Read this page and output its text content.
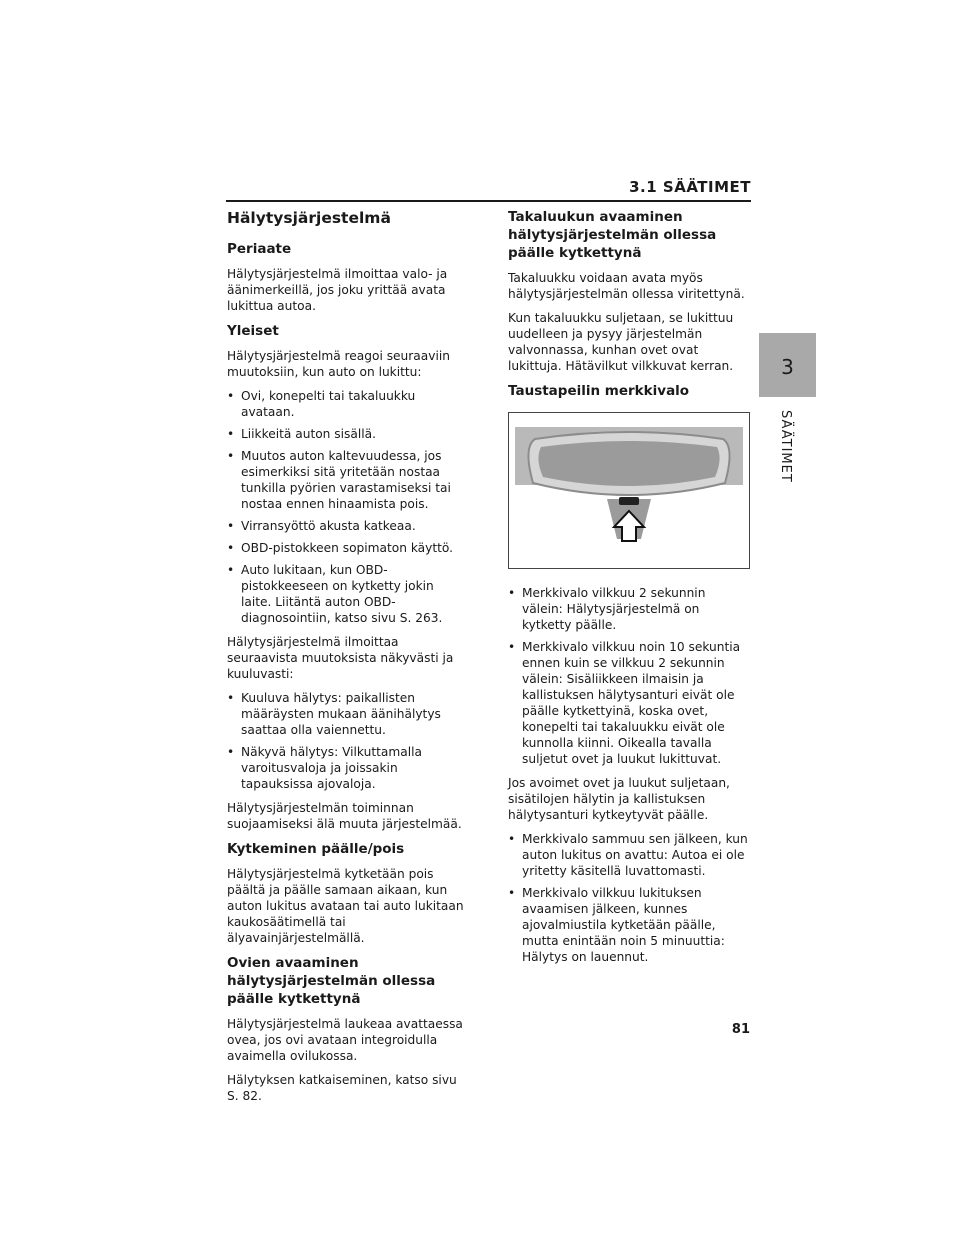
3.1 SÄÄTIMET
3
SÄÄTIMET
Hälytysjärjestelmä
Periaate

Hälytysjärjestelmä ilmoittaa valo- ja äänimerkeillä, jos joku yrittää avata lukittua autoa.

Yleiset

Hälytysjärjestelmä reagoi seuraaviin muutoksiin, kun auto on lukittu:

• Ovi, konepelti tai takaluukku avataan.
• Liikkeitä auton sisällä.
• Muutos auton kaltevuudessa, jos esimerkiksi sitä yritetään nostaa tunkilla pyörien varastamiseksi tai nostaa ennen hinaamista pois.
• Virransyöttö akusta katkeaa.
• OBD-pistokkeen sopimaton käyttö.
• Auto lukitaan, kun OBD-pistokkeeseen on kytketty jokin laite. Liitäntä auton OBD-diagnosointiin, katso sivu S. 263.

Hälytysjärjestelmä ilmoittaa seuraavista muutoksista näkyvästi ja kuuluvasti:

• Kuuluva hälytys: paikallisten määräysten mukaan äänihälytys saattaa olla vaiennettu.
• Näkyvä hälytys: Vilkuttamalla varoitusvaloja ja joissakin tapauksissa ajovaloja.

Hälytysjärjestelmän toiminnan suojaamiseksi älä muuta järjestelmää.

Kytkeminen päälle/pois

Hälytysjärjestelmä kytketään pois päältä ja päälle samaan aikaan, kun auton lukitus avataan tai auto lukitaan kaukosäätimellä tai älyavainjärjestelmällä.

Ovien avaaminen hälytysjärjestelmän ollessa päälle kytkettynä

Hälytysjärjestelmä laukeaa avattaessa ovea, jos ovi avataan integroidulla avaimella ovilukossa.

Hälytyksen katkaiseminen, katso sivu S. 82.

Takaluukun avaaminen hälytysjärjestelmän ollessa päälle kytkettynä

Takaluukku voidaan avata myös hälytysjärjestelmän ollessa viritettynä.

Kun takaluukku suljetaan, se lukittuu uudelleen ja pysyy järjestelmän valvonnassa, kunhan ovet ovat lukittuja. Hätävilkut vilkkuvat kerran.

Taustapeilin merkkivalo
• Merkkivalo vilkkuu 2 sekunnin välein: Hälytysjärjestelmä on kytketty päälle.
• Merkkivalo vilkkuu noin 10 sekuntia ennen kuin se vilkkuu 2 sekunnin välein: Sisäliikkeen ilmaisin ja kallistuksen hälytysanturi eivät ole päälle kytkettyinä, koska ovet, konepelti tai takaluukku eivät ole kunnolla kiinni. Oikealla tavalla suljetut ovet ja luukut lukittuvat.

Jos avoimet ovet ja luukut suljetaan, sisätilojen hälytin ja kallistuksen hälytysanturi kytkeytyvät päälle.

• Merkkivalo sammuu sen jälkeen, kun auton lukitus on avattu: Autoa ei ole yritetty käsitellä luvattomasti.
• Merkkivalo vilkkuu lukituksen avaamisen jälkeen, kunnes ajovalmiustila kytketään päälle, mutta enintään noin 5 minuuttia: Hälytys on lauennut.
81
